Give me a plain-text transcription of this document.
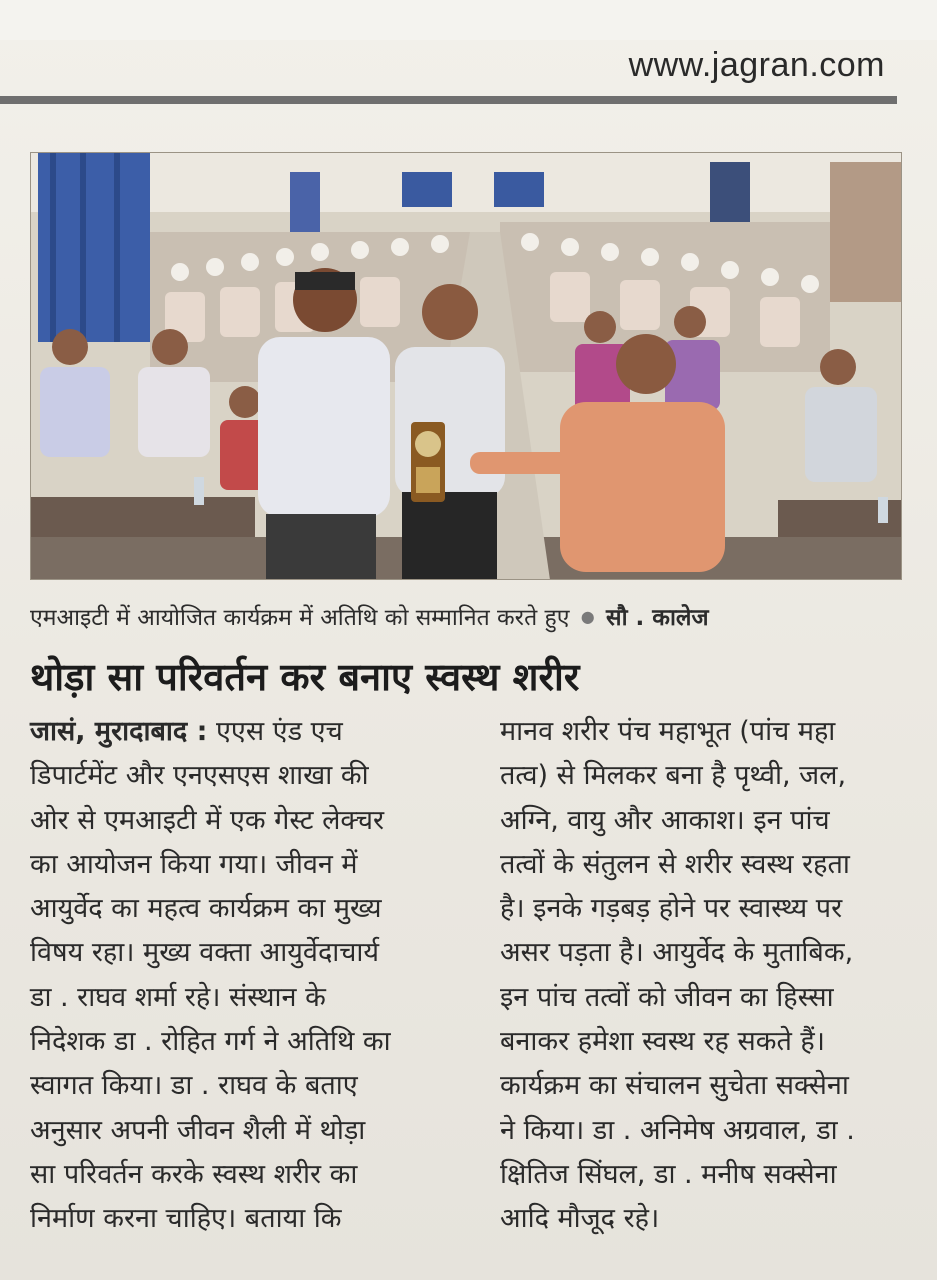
www.jagran.com
एमआइटी में आयोजित कार्यक्रम में अतिथि को सम्मानित करते हुए ● सौ . कालेज
थोड़ा सा परिवर्तन कर बनाए स्वस्थ शरीर
जासं, मुरादाबाद : एएस एंड एच
डिपार्टमेंट और एनएसएस शाखा की
ओर से एमआइटी में एक गेस्ट लेक्चर
का आयोजन किया गया। जीवन में
आयुर्वेद का महत्व कार्यक्रम का मुख्य
विषय रहा। मुख्य वक्ता आयुर्वेदाचार्य
डा . राघव शर्मा रहे। संस्थान के
निदेशक डा . रोहित गर्ग ने अतिथि का
स्वागत किया। डा . राघव के बताए
अनुसार अपनी जीवन शैली में थोड़ा
सा परिवर्तन करके स्वस्थ शरीर का
निर्माण करना चाहिए। बताया कि
मानव शरीर पंच महाभूत (पांच महा
तत्व) से मिलकर बना है पृथ्वी, जल,
अग्नि, वायु और आकाश। इन पांच
तत्वों के संतुलन से शरीर स्वस्थ रहता
है। इनके गड़बड़ होने पर स्वास्थ्य पर
असर पड़ता है। आयुर्वेद के मुताबिक,
इन पांच तत्वों को जीवन का हिस्सा
बनाकर हमेशा स्वस्थ रह सकते हैं।
कार्यक्रम का संचालन सुचेता सक्सेना
ने किया। डा . अनिमेष अग्रवाल, डा .
क्षितिज सिंघल, डा . मनीष सक्सेना
आदि मौजूद रहे।
